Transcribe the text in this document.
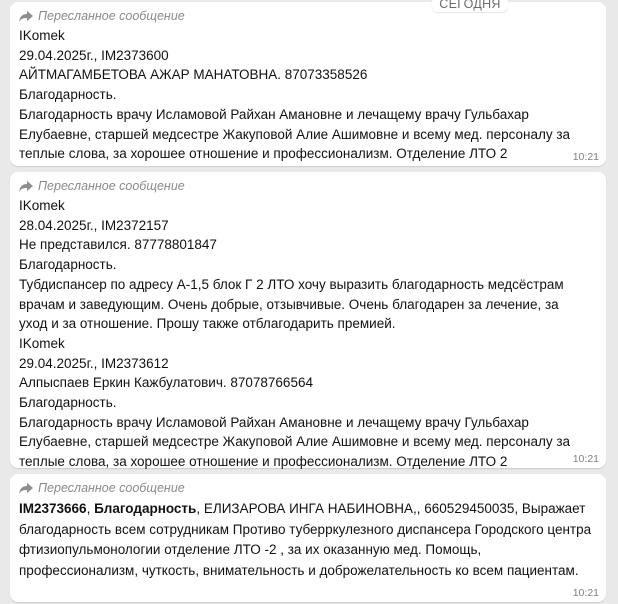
СЕГОДНЯ
Пересланное сообщение
IKomek
29.04.2025г., IM2373600
АЙТМАГАМБЕТОВА АЖАР МАНАТОВНА. 87073358526
Благодарность.
Благодарность врачу Исламовой Райхан Амановне и лечащему врачу Гульбахар
Елубаевне, старшей медсестре Жакуповой Алие Ашимовне и всему мед. персоналу за
теплые слова, за хорошее отношение и профессионализм. Отделение ЛТО 2	10:21
Пересланное сообщение
IKomek
28.04.2025г., IM2372157
Не представился. 87778801847
Благодарность.
Тубдиспансер по адресу А-1,5 блок Г 2 ЛТО хочу выразить благодарность медсёстрам
врачам и заведующим. Очень добрые, отзывчивые. Очень благодарен за лечение, за
уход и за отношение. Прошу также отблагодарить премией.
IKomek
29.04.2025г., IM2373612
Алпыспаев Еркин Кажбулатович. 87078766564
Благодарность.
Благодарность врачу Исламовой Райхан Амановне и лечащему врачу Гульбахар
Елубаевне, старшей медсестре Жакуповой Алие Ашимовне и всему мед. персоналу за
теплые слова, за хорошее отношение и профессионализм. Отделение ЛТО 2	10:21
Пересланное сообщение
IM2373666, Благодарность, ЕЛИЗАРОВА ИНГА НАБИНОВНА,, 660529450035, Выражает благодарность всем сотрудникам Противо туберркулезного диспансера Городского центра фтизиопульмонологии отделение ЛТО -2 , за их оказанную мед. Помощь, профессионализм, чуткость, внимательность и доброжелательность ко всем пациентам.
10:21
